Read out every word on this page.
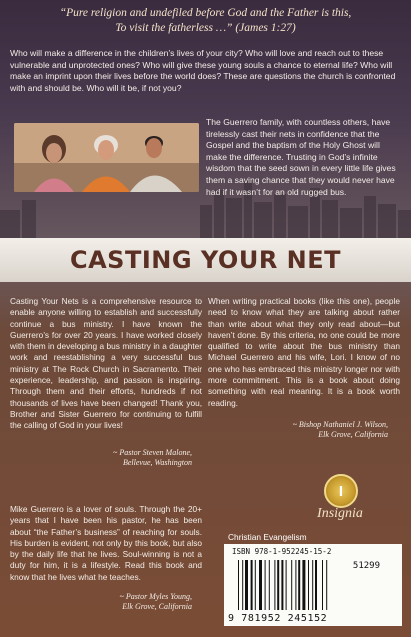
“Pure religion and undefiled before God and the Father is this,
To visit the fatherless …” (James 1:27)
Who will make a difference in the children’s lives of your city? Who will love and reach out to these vulnerable and unprotected ones? Who will give these young souls a chance to eternal life? Who will make an imprint upon their lives before the world does? These are questions the church is confronted with and should be. Who will it be, if not you?
The Guerrero family, with countless others, have tirelessly cast their nets in confidence that the Gospel and the baptism of the Holy Ghost will make the difference. Trusting in God’s infinite wisdom that the seed sown in every little life gives them a saving chance that they would never have had if it wasn’t for an old rugged bus.
CASTING YOUR NET
Casting Your Nets is a comprehensive resource to enable anyone willing to establish and successfully continue a bus ministry. I have known the Guerrero’s for over 20 years. I have worked closely with them in developing a bus ministry in a daughter work and reestablishing a very successful bus ministry at The Rock Church in Sacramento. Their experience, leadership, and passion is inspiring. Through them and their efforts, hundreds if not thousands of lives have been changed! Thank you, Brother and Sister Guerrero for continuing to fulfill the calling of God in your lives!
~ Pastor Steven Malone,
Bellevue, Washington
When writing practical books (like this one), people need to know what they are talking about rather than write about what they only read about—but haven’t done. By this criteria, no one could be more qualified to write about the bus ministry than Michael Guerrero and his wife, Lori. I know of no one who has embraced this ministry longer nor with more commitment. This is a book about doing something with real meaning. It is a book worth reading.
~ Bishop Nathaniel J. Wilson,
Elk Grove, California
Mike Guerrero is a lover of souls. Through the 20+ years that I have been his pastor, he has been about “the Father’s business” of reaching for souls. His burden is evident, not only by this book, but also by the daily life that he lives. Soul-winning is not a duty for him, it is a lifestyle. Read this book and know that he lives what he teaches.
~ Pastor Myles Young,
Elk Grove, California
I
Insignia
Christian Evangelism
ISBN 978-1-952245-15-2
51299
9 781952 245152
